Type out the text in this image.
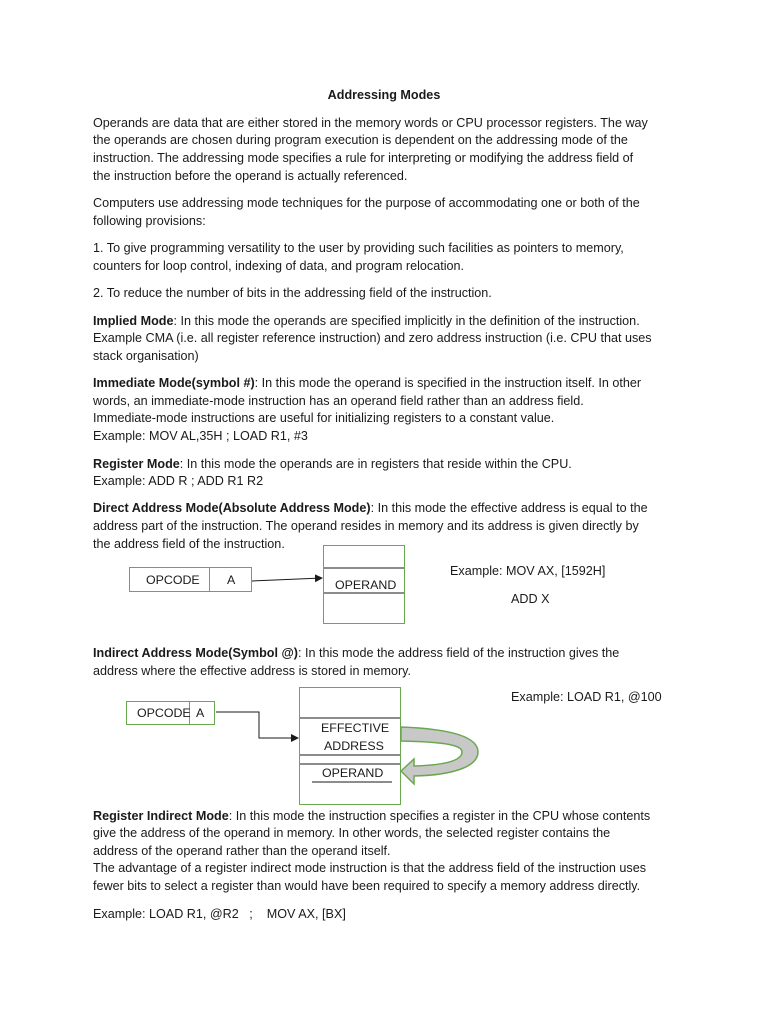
Addressing Modes

Operands are data that are either stored in the memory words or CPU processor registers. The way

the operands are chosen during program execution is dependent on the addressing mode of the

instruction. The addressing mode specifies a rule for interpreting or modifying the address field of

the instruction before the operand is actually referenced.

Computers use addressing mode techniques for the purpose of accommodating one or both of the

following provisions:

1. To give programming versatility to the user by providing such facilities as pointers to memory,

counters for loop control, indexing of data, and program relocation.

2. To reduce the number of bits in the addressing field of the instruction.

Implied Mode: In this mode the operands are specified implicitly in the definition of the instruction.

Example CMA (i.e. all register reference instruction) and zero address instruction (i.e. CPU that uses

stack organisation)

Immediate Mode(symbol #): In this mode the operand is specified in the instruction itself. In other

words, an immediate-mode instruction has an operand field rather than an address field.

Immediate-mode instructions are useful for initializing registers to a constant value.

Example: MOV AL,35H ; LOAD R1, #3

Register Mode: In this mode the operands are in registers that reside within the CPU.

Example: ADD R ; ADD R1 R2

Direct Address Mode(Absolute Address Mode): In this mode the effective address is equal to the

address part of the instruction. The operand resides in memory and its address is given directly by

the address field of the instruction.

OPCODE A	OPERAND
Example: MOV AX, [1592H]
ADD X

Indirect Address Mode(Symbol @): In this mode the address field of the instruction gives the

address where the effective address is stored in memory.

OPCODE A
EFFECTIVE
ADDRESS
OPERAND
Example: LOAD R1, @100

Register Indirect Mode: In this mode the instruction specifies a register in the CPU whose contents

give the address of the operand in memory. In other words, the selected register contains the

address of the operand rather than the operand itself.

The advantage of a register indirect mode instruction is that the address field of the instruction uses

fewer bits to select a register than would have been required to specify a memory address directly.

Example: LOAD R1, @R2   ;    MOV AX, [BX]
